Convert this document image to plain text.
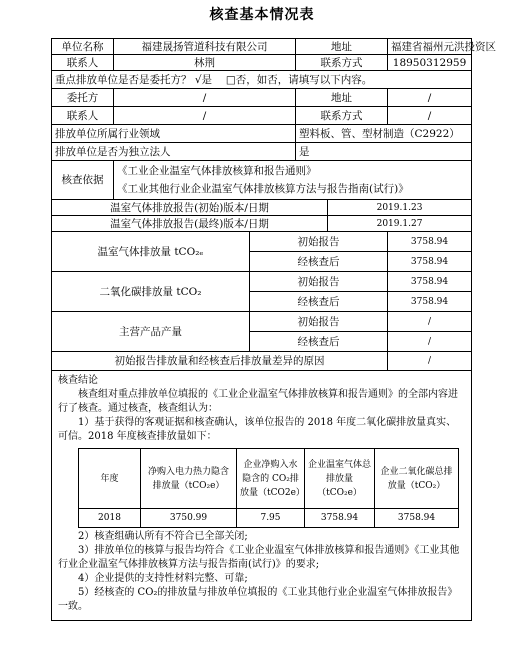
核查基本情况表
单位名称	福建晟扬管道科技有限公司	地址	福建省福州元洪投资区
联系人	林荆	联系方式	18950312959
重点排放单位是否是委托方？ √是　 □否，如否，请填写以下内容。
委托方	/	地址	/
联系人	/	联系方式	/
排放单位所属行业领域	塑料板、管、型材制造（C2922）
排放单位是否为独立法人	是
核查依据	
《工业企业温室气体排放核算和报告通则》
《工业其他行业企业温室气体排放核算方法与报告指南(试行)》

温室气体排放报告(初始)版本/日期	2019.1.23
温室气体排放报告(最终)版本/日期	2019.1.27
温室气体排放量 tCO₂ₑ	初始报告	3758.94
经核查后	3758.94
二氧化碳排放量 tCO₂	初始报告	3758.94
经核查后	3758.94
主营产品产量	初始报告	/
经核查后	/
初始报告排放量和经核查后排放量差异的原因	/

核查结论

核查组对重点排放单位填报的《工业企业温室气体排放核算和报告通则》的全部内容进行了核查。通过核查，核查组认为：

1）基于获得的客观证据和核查确认，该单位报告的 2018 年度二氧化碳排放量真实、可信。2018 年度核查排放量如下：

年度	净购入电力热力隐含排放量（tCO₂e）	企业净购入水隐含的 CO₂排放量（tCO2e）	企业温室气体总排放量（tCO₂e）	企业二氧化碳总排放量（tCO₂）
2018	3750.99	7.95	3758.94	3758.94

2）核查组确认所有不符合已全部关闭;

3）排放单位的核算与报告均符合《工业企业温室气体排放核算和报告通则》《工业其他行业企业温室气体排放核算方法与报告指南(试行)》的要求;

4）企业提供的支持性材料完整、可靠;

5）经核查的 CO₂的排放量与排放单位填报的《工业其他行业企业温室气体排放报告》一致。
